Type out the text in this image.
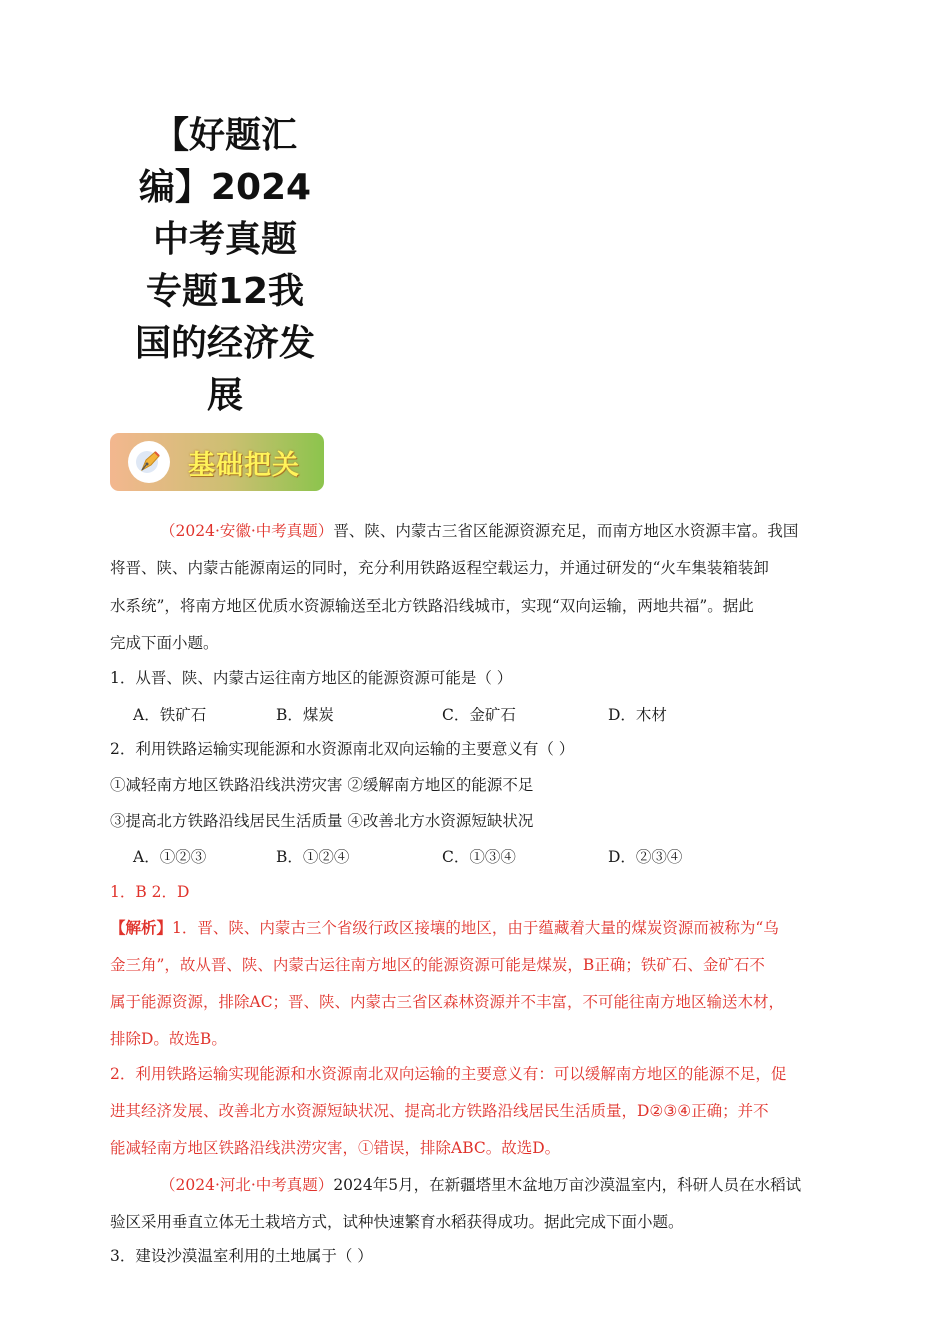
【好题汇
编】2024
中考真题
专题12我
国的经济发
展
基础把关
（2024·安徽·中考真题）晋、陕、内蒙古三省区能源资源充足，而南方地区水资源丰富。我国
将晋、陕、内蒙古能源南运的同时，充分利用铁路返程空载运力，并通过研发的“火车集装箱装卸
水系统”，将南方地区优质水资源输送至北方铁路沿线城市，实现“双向运输，两地共福”。据此
完成下面小题。
1．从晋、陕、内蒙古运往南方地区的能源资源可能是（ ）
A．铁矿石	B．煤炭	C．金矿石	D．木材
2．利用铁路运输实现能源和水资源南北双向运输的主要意义有（ ）
①减轻南方地区铁路沿线洪涝灾害 ②缓解南方地区的能源不足
③提高北方铁路沿线居民生活质量 ④改善北方水资源短缺状况
A．①②③	B．①②④	C．①③④	D．②③④
1．B 2．D
【解析】1．晋、陕、内蒙古三个省级行政区接壤的地区，由于蕴藏着大量的煤炭资源而被称为“乌
金三角”，故从晋、陕、内蒙古运往南方地区的能源资源可能是煤炭，B正确；铁矿石、金矿石不
属于能源资源，排除AC；晋、陕、内蒙古三省区森林资源并不丰富，不可能往南方地区输送木材，
排除D。故选B。
2．利用铁路运输实现能源和水资源南北双向运输的主要意义有：可以缓解南方地区的能源不足，促
进其经济发展、改善北方水资源短缺状况、提高北方铁路沿线居民生活质量，D②③④正确；并不
能减轻南方地区铁路沿线洪涝灾害，①错误，排除ABC。故选D。
（2024·河北·中考真题）2024年5月，在新疆塔里木盆地万亩沙漠温室内，科研人员在水稻试
验区采用垂直立体无土栽培方式，试种快速繁育水稻获得成功。据此完成下面小题。
3．建设沙漠温室利用的土地属于（ ）
